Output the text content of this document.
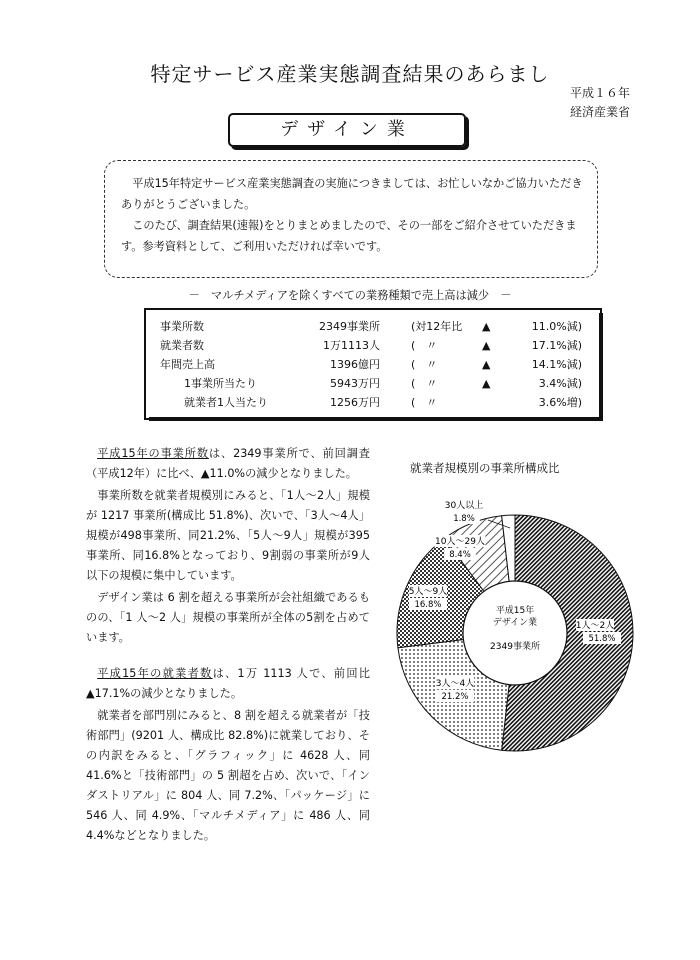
特定サービス産業実態調査結果のあらまし
平成１６年
経済産業省
デザイン業

平成15年特定サービス産業実態調査の実施につきましては、お忙しいなかご協力いただきありがとうございました。

このたび、調査結果(速報)をとりまとめましたので、その一部をご紹介させていただきます。参考資料として、ご利用いただければ幸いです。

－　マルチメディアを除くすべての業務種類で売上高は減少　－
事業所数	2349事業所	(対12年比 ▲	11.0%減)
就業者数	1万1113人	(　〃	▲	17.1%減)
年間売上高	1396億円	(　〃	▲	14.1%減)
1事業所当たり	5943万円	(　〃	▲	3.4%減)
就業者1人当たり	1256万円	(　〃	3.6%増)

平成15年の事業所数は、2349事業所で、前回調査（平成12年）に比べ、▲11.0%の減少となりました。

事業所数を就業者規模別にみると、「1人～2人」規模が 1217 事業所(構成比 51.8%)、次いで、「3人～4人」規模が498事業所、同21.2%、「5人～9人」規模が395事業所、同16.8%となっており、9割弱の事業所が9人以下の規模に集中しています。

デザイン業は 6 割を超える事業所が会社組織であるものの、「1 人～2 人」規模の事業所が全体の5割を占めています。

平成15年の就業者数は、1万 1113 人で、前回比▲17.1%の減少となりました。

就業者を部門別にみると、8 割を超える就業者が「技術部門」(9201 人、構成比 82.8%)に就業しており、その内訳をみると、「グラフィック」に 4628 人、同 41.6%と「技術部門」の 5 割超を占め、次いで、「インダストリアル」に 804 人、同 7.2%、「パッケージ」に 546 人、同 4.9%、「マルチメディア」に 486 人、同4.4%などとなりました。

就業者規模別の事業所構成比
平成15年
デザイン業
2349事業所
1人～2人
51.8%
3人～4人
21.2%
5人～9人
16.8%
10人～29人
8.4%
30人以上
1.8%
